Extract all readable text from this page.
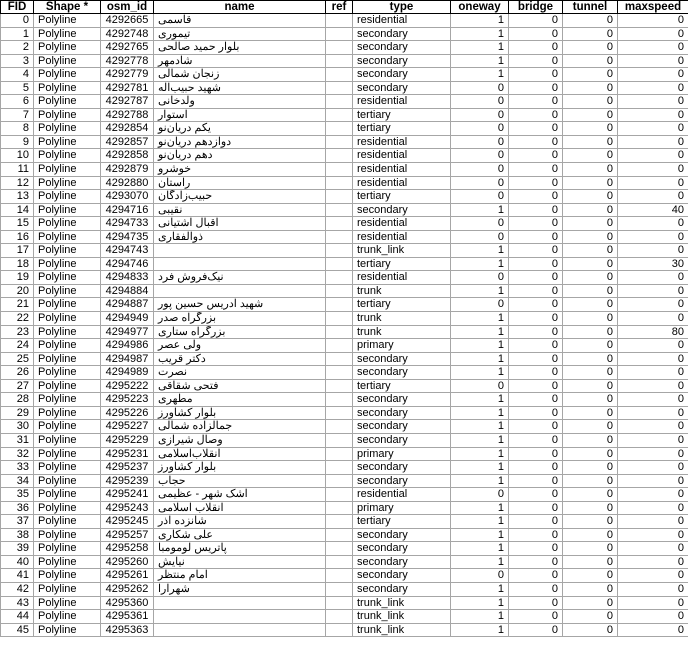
FID	Shape *	osm_id	name	ref	type	oneway	bridge	tunnel	maxspeed
0	Polyline	4292665	قاسمی		residential	1	0	0	0
1	Polyline	4292748	تیموری		secondary	1	0	0	0
2	Polyline	4292765	بلوار حمید صالحی		secondary	1	0	0	0
3	Polyline	4292778	شادمهر		secondary	1	0	0	0
4	Polyline	4292779	زنجان شمالی		secondary	1	0	0	0
5	Polyline	4292781	شهید حبیب‌اله		secondary	0	0	0	0
6	Polyline	4292787	ولدخانی		residential	0	0	0	0
7	Polyline	4292788	استوار		tertiary	0	0	0	0
8	Polyline	4292854	یکم دریان‌نو		tertiary	0	0	0	0
9	Polyline	4292857	دوازدهم دریان‌نو		residential	0	0	0	0
10	Polyline	4292858	دهم دریان‌نو		residential	0	0	0	0
11	Polyline	4292879	خوشرو		residential	0	0	0	0
12	Polyline	4292880	راستان		residential	0	0	0	0
13	Polyline	4293070	حبیب‌زادگان		tertiary	0	0	0	0
14	Polyline	4294716	نقیبی		secondary	1	0	0	40
15	Polyline	4294733	اقبال آشتیانی		residential	0	0	0	0
16	Polyline	4294735	ذوالفقاری		residential	0	0	0	0
17	Polyline	4294743			trunk_link	1	0	0	0
18	Polyline	4294746			tertiary	1	0	0	30
19	Polyline	4294833	نیک‌فروش فرد		residential	0	0	0	0
20	Polyline	4294884			trunk	1	0	0	0
21	Polyline	4294887	شهید ادریس حسین پور		tertiary	0	0	0	0
22	Polyline	4294949	بزرگراه صدر		trunk	1	0	0	0
23	Polyline	4294977	بزرگراه ستاری		trunk	1	0	0	80
24	Polyline	4294986	ولی عصر		primary	1	0	0	0
25	Polyline	4294987	دکتر قریب		secondary	1	0	0	0
26	Polyline	4294989	نصرت		secondary	1	0	0	0
27	Polyline	4295222	فتحی شقاقی		tertiary	0	0	0	0
28	Polyline	4295223	مطهری		secondary	1	0	0	0
29	Polyline	4295226	بلوار کشاورز		secondary	1	0	0	0
30	Polyline	4295227	جمالزاده شمالی		secondary	1	0	0	0
31	Polyline	4295229	وصال شیرازی		secondary	1	0	0	0
32	Polyline	4295231	انقلاب‌اسلامی		primary	1	0	0	0
33	Polyline	4295237	بلوار کشاورز		secondary	1	0	0	0
34	Polyline	4295239	حجاب		secondary	1	0	0	0
35	Polyline	4295241	اشک شهر - عظیمی		residential	0	0	0	0
36	Polyline	4295243	انقلاب اسلامی		primary	1	0	0	0
37	Polyline	4295245	شانزده آذر		tertiary	1	0	0	0
38	Polyline	4295257	علی شکاری		secondary	1	0	0	0
39	Polyline	4295258	پاتریس لومومبا		secondary	1	0	0	0
40	Polyline	4295260	نیایش		secondary	1	0	0	0
41	Polyline	4295261	امام منتظر		secondary	0	0	0	0
42	Polyline	4295262	شهرارا		secondary	1	0	0	0
43	Polyline	4295360			trunk_link	1	0	0	0
44	Polyline	4295361			trunk_link	1	0	0	0
45	Polyline	4295363			trunk_link	1	0	0	0
